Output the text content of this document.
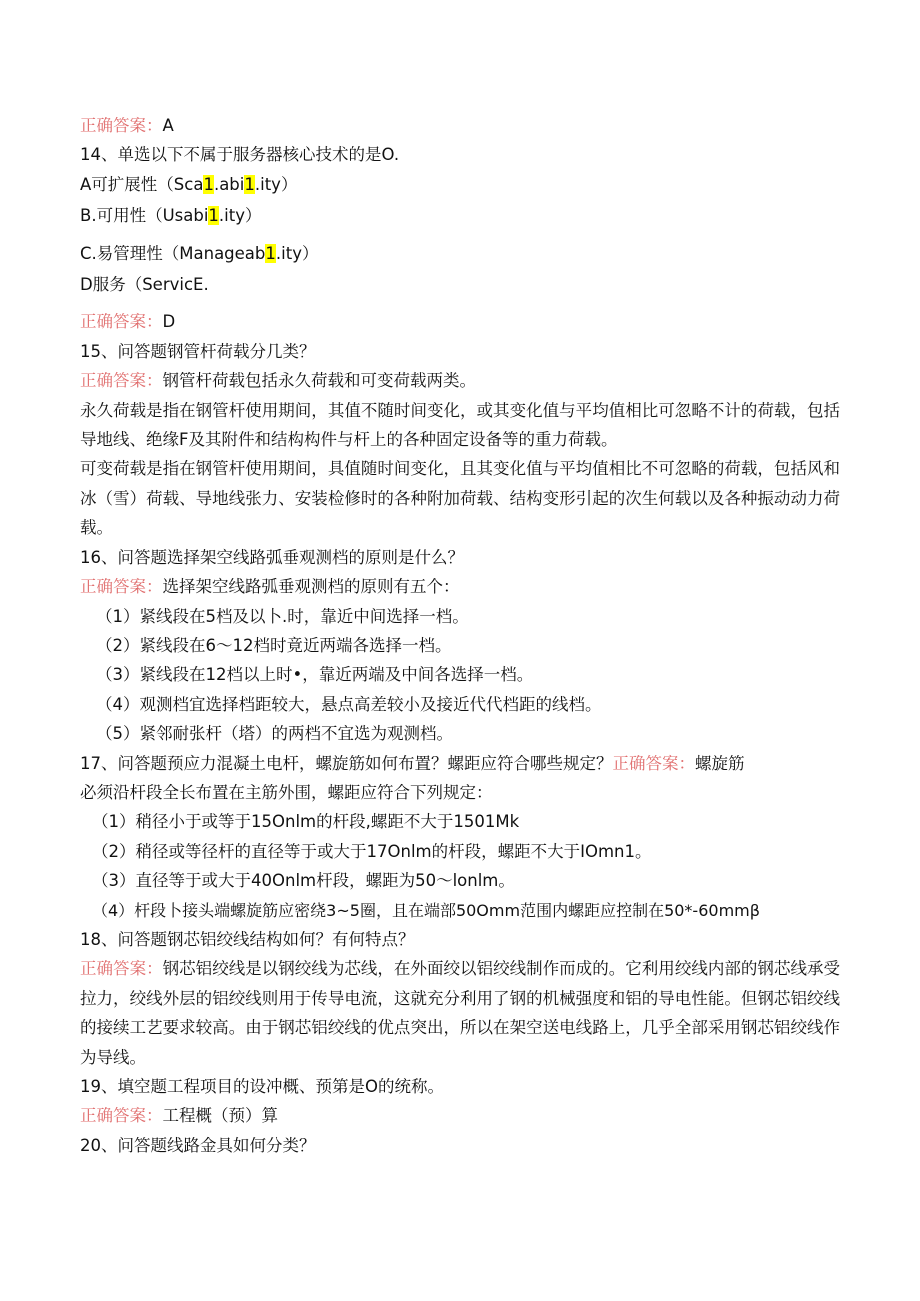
正确答案：A
14、单选以下不属于服务器核心技术的是O.
A可扩展性（Sca1.abi1.ity）
B.可用性（Usabi1.ity）
C.易管理性（Manageab1.ity）
D服务（ServicE.
正确答案：D
15、问答题钢管杆荷载分几类？
正确答案：钢管杆荷载包括永久荷载和可变荷载两类。
永久荷载是指在钢管杆使用期间，其值不随时间变化，或其变化值与平均值相比可忽略不计的荷载，包括导地线、绝缘F及其附件和结构构件与杆上的各种固定设备等的重力荷载。
可变荷载是指在钢管杆使用期间，具值随时间变化，且其变化值与平均值相比不可忽略的荷载，包括风和冰（雪）荷载、导地线张力、安装检修时的各种附加荷载、结构变形引起的次生何载以及各种振动动力荷载。
16、问答题选择架空线路弧垂观测档的原则是什么？
正确答案：选择架空线路弧垂观测档的原则有五个：
（1）紧线段在5档及以卜.时，靠近中间选择一档。
（2）紧线段在6～12档时竟近两端各选择一档。
（3）紧线段在12档以上时•，靠近两端及中间各选择一档。
（4）观测档宜选择档距较大，悬点高差较小及接近代代档距的线档。
（5）紧邻耐张杆（塔）的两档不宜选为观测档。
17、问答题预应力混凝土电杆，螺旋筋如何布置？螺距应符合哪些规定？正确答案：螺旋筋
必须沿杆段全长布置在主筋外围，螺距应符合下列规定：
（1）稍径小于或等于15Onlm的杆段,螺距不大于1501Mk
（2）稍径或等径杆的直径等于或大于17Onlm的杆段，螺距不大于IOmn1。
（3）直径等于或大于40Onlm杆段，螺距为50～lonlm。
（4）杆段卜接头端螺旋筋应密绕3~5圈，且在端部50Omm范围内螺距应控制在50*-60mmβ
18、问答题钢芯铝绞线结构如何？有何特点？
正确答案：钢芯铝绞线是以钢绞线为芯线，在外面绞以铝绞线制作而成的。它利用绞线内部的钢芯线承受拉力，绞线外层的铝绞线则用于传导电流，这就充分利用了钢的机械强度和铝的导电性能。但钢芯铝绞线的接续工艺要求较高。由于钢芯铝绞线的优点突出，所以在架空送电线路上，几乎全部采用钢芯铝绞线作为导线。
19、填空题工程项目的设冲概、预第是O的统称。
正确答案：工程概（预）算
20、问答题线路金具如何分类？
